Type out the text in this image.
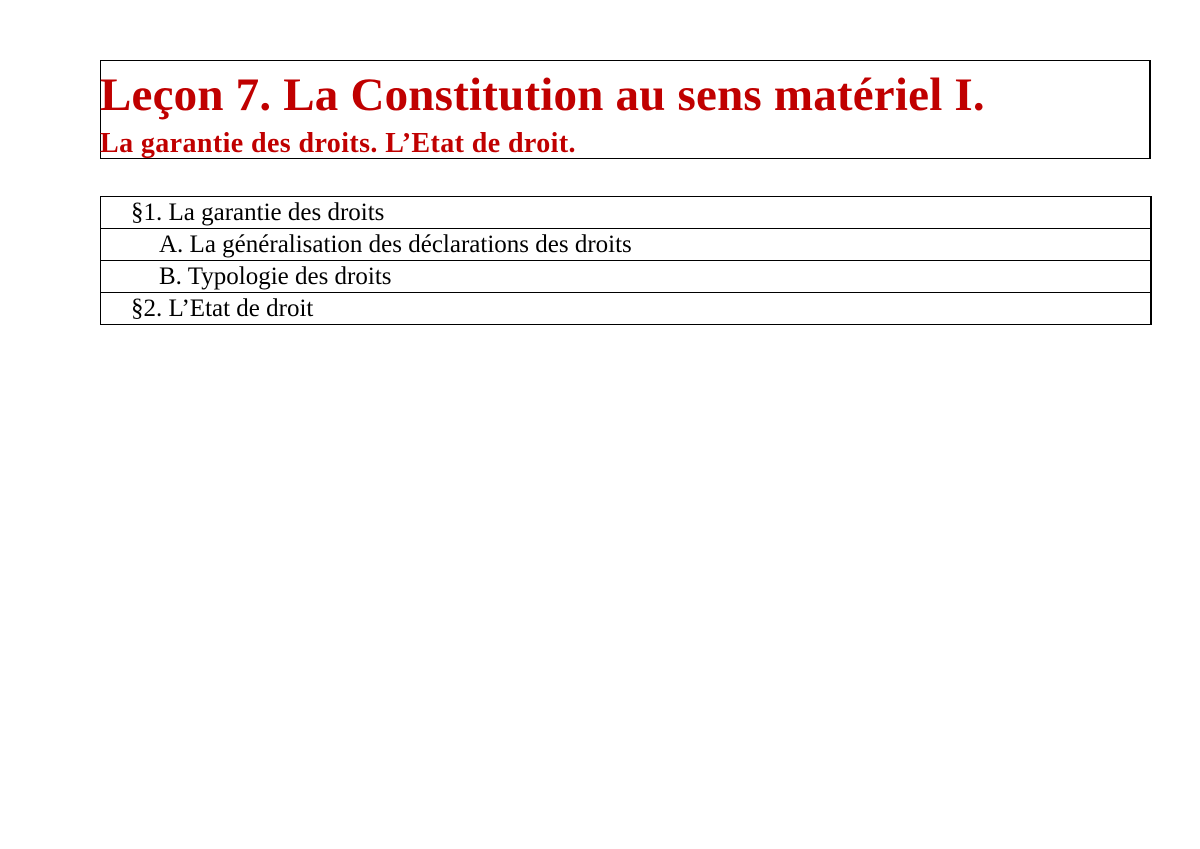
Leçon 7. La Constitution au sens matériel I.
La garantie des droits. L’Etat de droit.
§1. La garantie des droits
A. La généralisation des déclarations des droits
B. Typologie des droits
§2. L’Etat de droit
